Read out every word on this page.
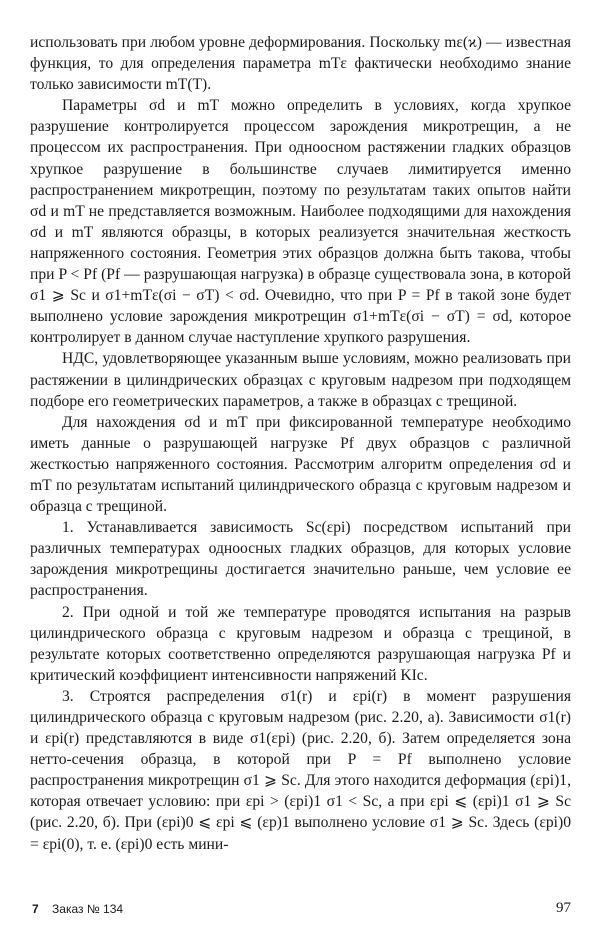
использовать при любом уровне деформирования. Поскольку mε(ϰ) — известная функция, то для определения параметра mTε фактически необходимо знание только зависимости mT(T).

Параметры σd и mT можно определить в условиях, когда хрупкое разрушение контролируется процессом зарождения микротрещин, а не процессом их распространения. При одноосном растяжении гладких образцов хрупкое разрушение в большинстве случаев лимитируется именно распространением микротрещин, поэтому по результатам таких опытов найти σd и mT не представляется возможным. Наиболее подходящими для нахождения σd и mT являются образцы, в которых реализуется значительная жесткость напряженного состояния. Геометрия этих образцов должна быть такова, чтобы при P < Pf (Pf — разрушающая нагрузка) в образце существовала зона, в которой σ1 ⩾ Sc и σ1+mTε(σi − σT) < σd. Очевидно, что при P = Pf в такой зоне будет выполнено условие зарождения микротрещин σ1+mTε(σi − σT) = σd, которое контролирует в данном случае наступление хрупкого разрушения.

НДС, удовлетворяющее указанным выше условиям, можно реализовать при растяжении в цилиндрических образцах с круговым надрезом при подходящем подборе его геометрических параметров, а также в образцах с трещиной.

Для нахождения σd и mT при фиксированной температуре необходимо иметь данные о разрушающей нагрузке Pf двух образцов с различной жесткостью напряженного состояния. Рассмотрим алгоритм определения σd и mT по результатам испытаний цилиндрического образца с круговым надрезом и образца с трещиной.

1. Устанавливается зависимость Sc(εpi) посредством испытаний при различных температурах одноосных гладких образцов, для которых условие зарождения микротрещины достигается значительно раньше, чем условие ее распространения.

2. При одной и той же температуре проводятся испытания на разрыв цилиндрического образца с круговым надрезом и образца с трещиной, в результате которых соответственно определяются разрушающая нагрузка Pf и критический коэффициент интенсивности напряжений KIc.

3. Строятся распределения σ1(r) и εpi(r) в момент разрушения цилиндрического образца с круговым надрезом (рис. 2.20, а). Зависимости σ1(r) и εpi(r) представляются в виде σ1(εpi) (рис. 2.20, б). Затем определяется зона нетто-сечения образца, в которой при P = Pf выполнено условие распространения микротрещин σ1 ⩾ Sc. Для этого находится деформация (εpi)1, которая отвечает условию: при εpi > (εpi)1 σ1 < Sc, а при εpi ⩽ (εpi)1 σ1 ⩾ Sc (рис. 2.20, б). При (εpi)0 ⩽ εpi ⩽ (εp)1 выполнено условие σ1 ⩾ Sc. Здесь (εpi)0 = εpi(0), т. е. (εpi)0 есть мини-

7 Заказ № 134	97
